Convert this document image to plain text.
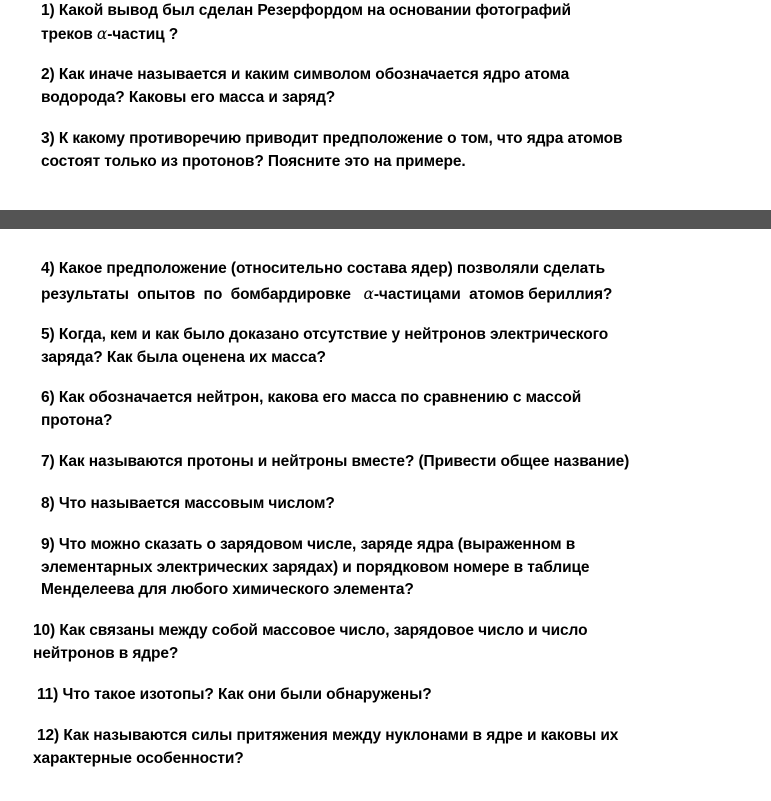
1) Какой вывод был сделан Резерфордом на основании фотографий
треков α-частиц ?
2) Как иначе называется и каким символом обозначается ядро атома
водорода? Каковы его масса и заряд?
3) К какому противоречию приводит предположение о том, что ядра атомов
состоят только из протонов? Поясните это на примере.
4) Какое предположение (относительно состава ядер) позволяли сделать
результаты  опытов  по  бомбардировке   α-частицами  атомов бериллия?
5) Когда, кем и как было доказано отсутствие у нейтронов электрического
заряда? Как была оценена их масса?
6) Как обозначается нейтрон, какова его масса по сравнению с массой
протона?
7) Как называются протоны и нейтроны вместе? (Привести общее название)
8) Что называется массовым числом?
9) Что можно сказать о зарядовом числе, заряде ядра (выраженном в
элементарных электрических зарядах) и порядковом номере в таблице
Менделеева для любого химического элемента?
10) Как связаны между собой массовое число, зарядовое число и число
нейтронов в ядре?
11) Что такое изотопы? Как они были обнаружены?
12) Как называются силы притяжения между нуклонами в ядре и каковы их
характерные особенности?
